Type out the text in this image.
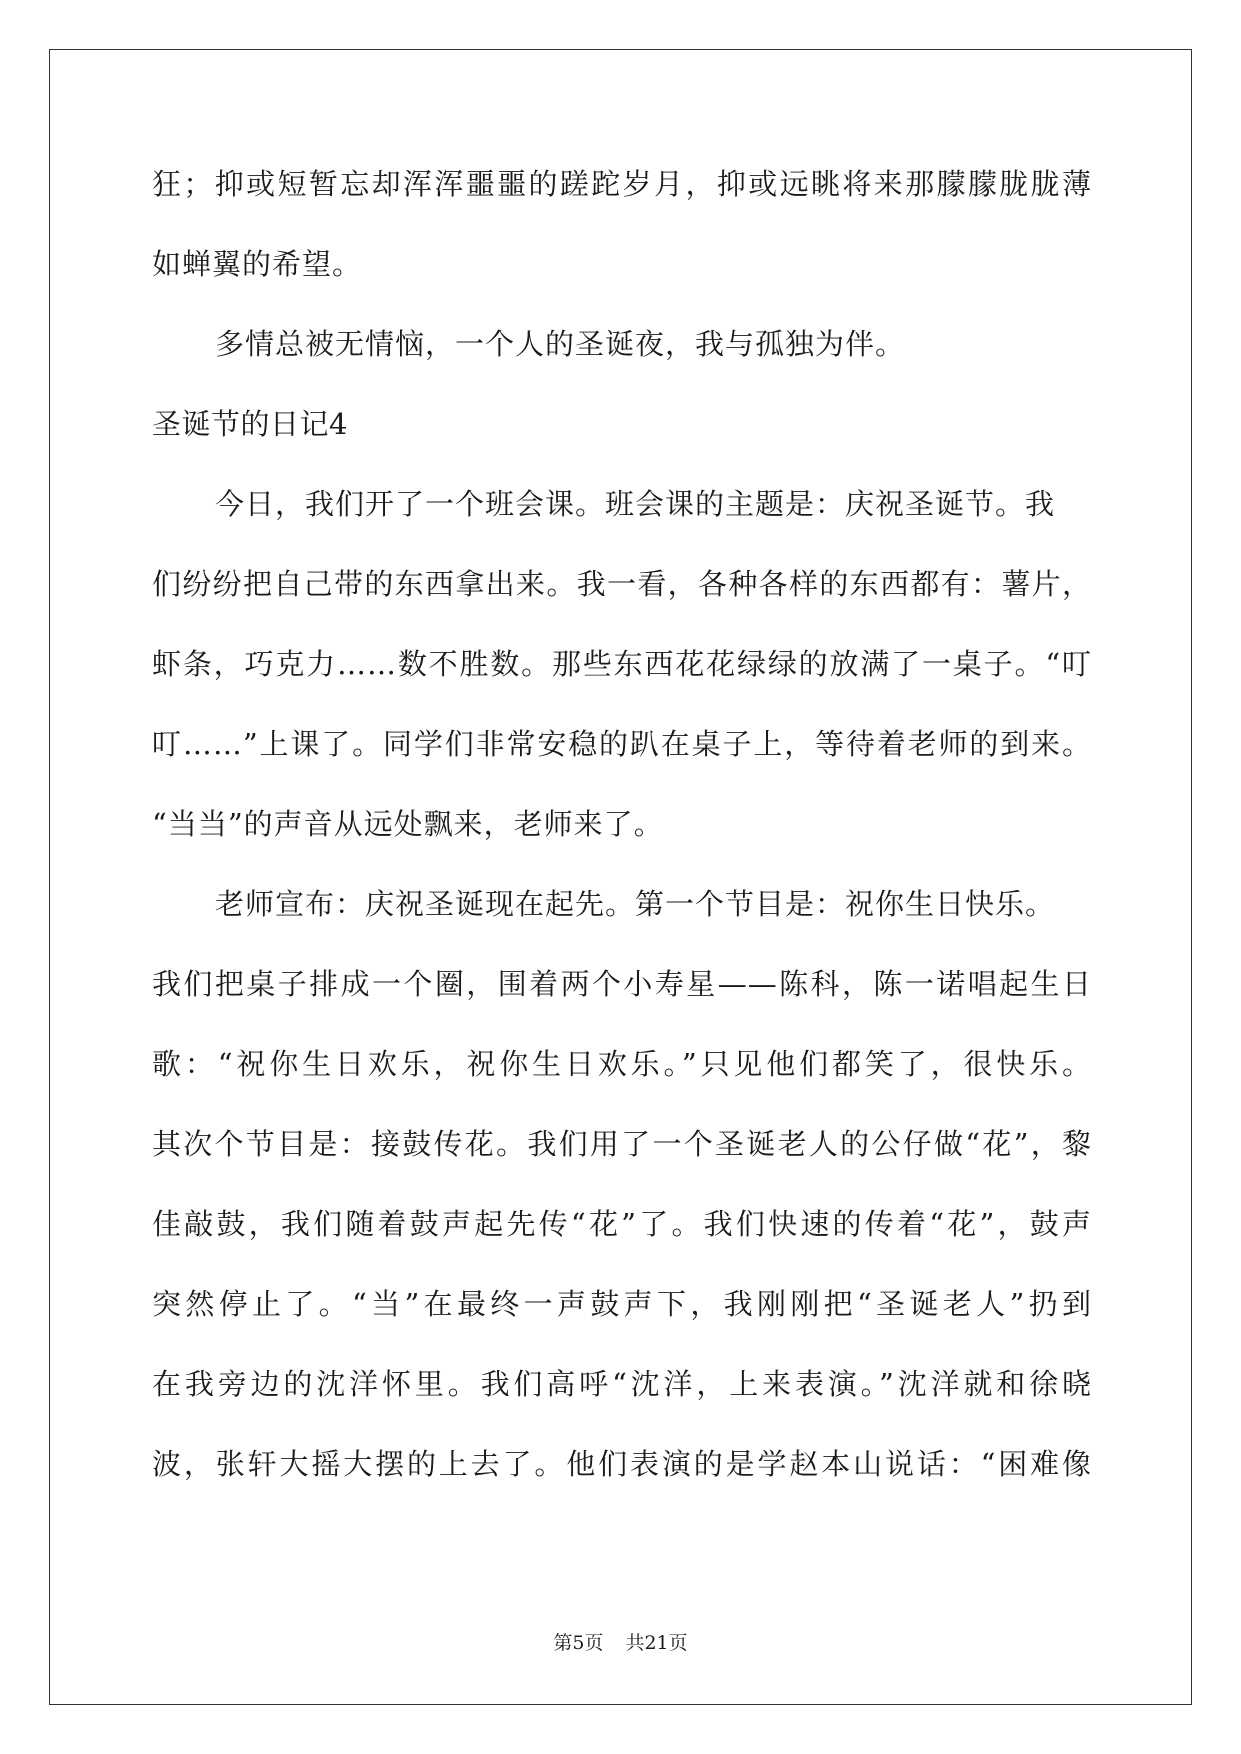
狂；抑或短暂忘却浑浑噩噩的蹉跎岁月，抑或远眺将来那朦朦胧胧薄
如蝉翼的希望。
多情总被无情恼，一个人的圣诞夜，我与孤独为伴。
圣诞节的日记4
今日，我们开了一个班会课。班会课的主题是：庆祝圣诞节。我
们纷纷把自己带的东西拿出来。我一看，各种各样的东西都有：薯片，
虾条，巧克力……数不胜数。那些东西花花绿绿的放满了一桌子。“叮
叮……”上课了。同学们非常安稳的趴在桌子上，等待着老师的到来。
“当当”的声音从远处飘来，老师来了。
老师宣布：庆祝圣诞现在起先。第一个节目是：祝你生日快乐。
我们把桌子排成一个圈，围着两个小寿星——陈科，陈一诺唱起生日
歌：“祝你生日欢乐，祝你生日欢乐。”只见他们都笑了，很快乐。
其次个节目是：接鼓传花。我们用了一个圣诞老人的公仔做“花”，黎
佳敲鼓，我们随着鼓声起先传“花”了。我们快速的传着“花”，鼓声
突然停止了。“当”在最终一声鼓声下，我刚刚把“圣诞老人”扔到
在我旁边的沈洋怀里。我们高呼“沈洋，上来表演。”沈洋就和徐晓
波，张轩大摇大摆的上去了。他们表演的是学赵本山说话：“困难像
第5页 共21页
